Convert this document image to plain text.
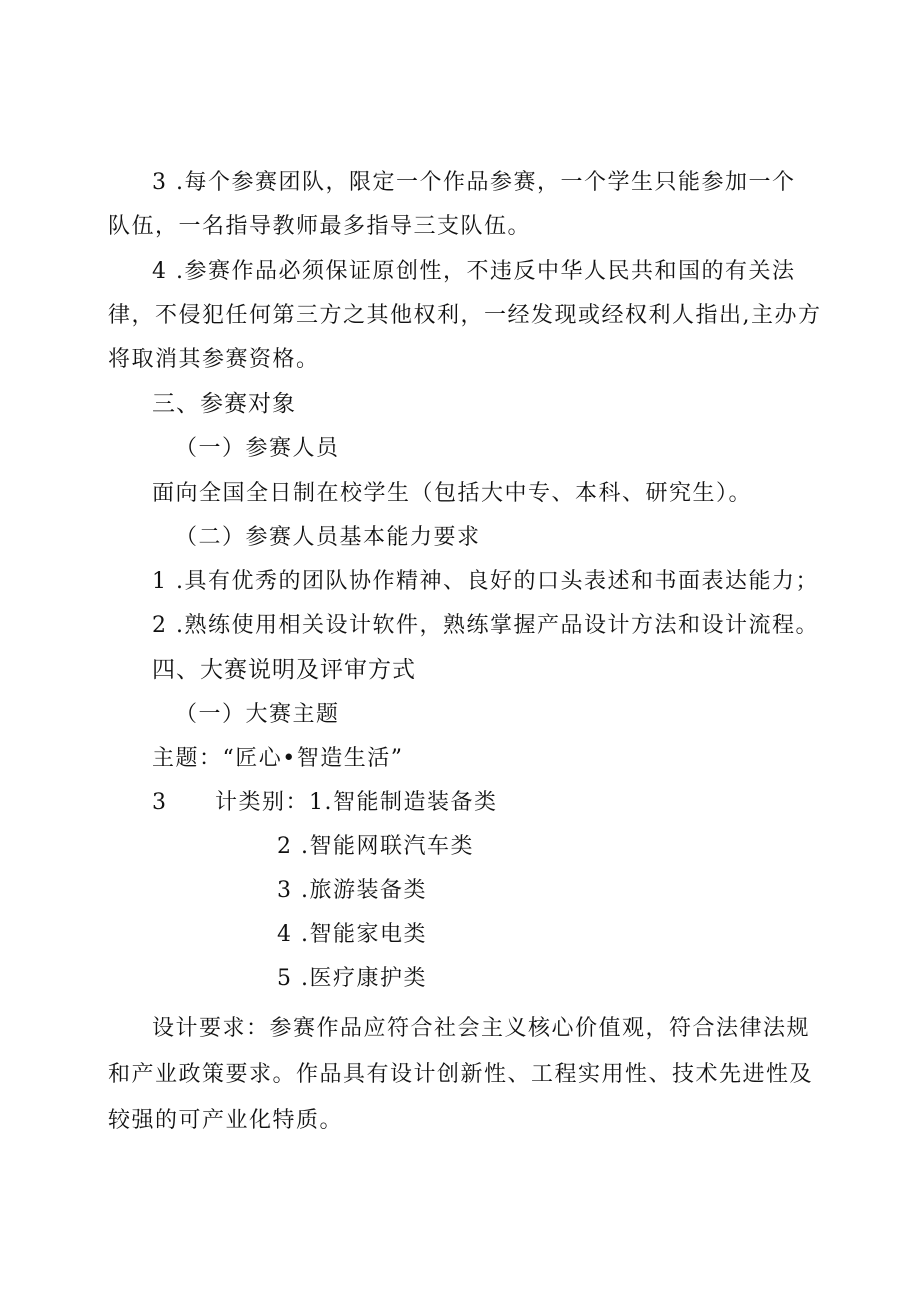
3 .每个参赛团队，限定一个作品参赛，一个学生只能参加一个
队伍，一名指导教师最多指导三支队伍。
4 .参赛作品必须保证原创性，不违反中华人民共和国的有关法
律，不侵犯任何第三方之其他权利，一经发现或经权利人指出,主办方
将取消其参赛资格。
三、参赛对象
（一）参赛人员
面向全国全日制在校学生（包括大中专、本科、研究生）。
（二）参赛人员基本能力要求
1 .具有优秀的团队协作精神、良好的口头表述和书面表达能力；
2 .熟练使用相关设计软件，熟练掌握产品设计方法和设计流程。
四、大赛说明及评审方式
（一）大赛主题
主题：“匠心•智造生活”
3 计类别：1.智能制造装备类
2 .智能网联汽车类
3 .旅游装备类
4 .智能家电类
5 .医疗康护类
设计要求：参赛作品应符合社会主义核心价值观，符合法律法规
和产业政策要求。作品具有设计创新性、工程实用性、技术先进性及
较强的可产业化特质。
